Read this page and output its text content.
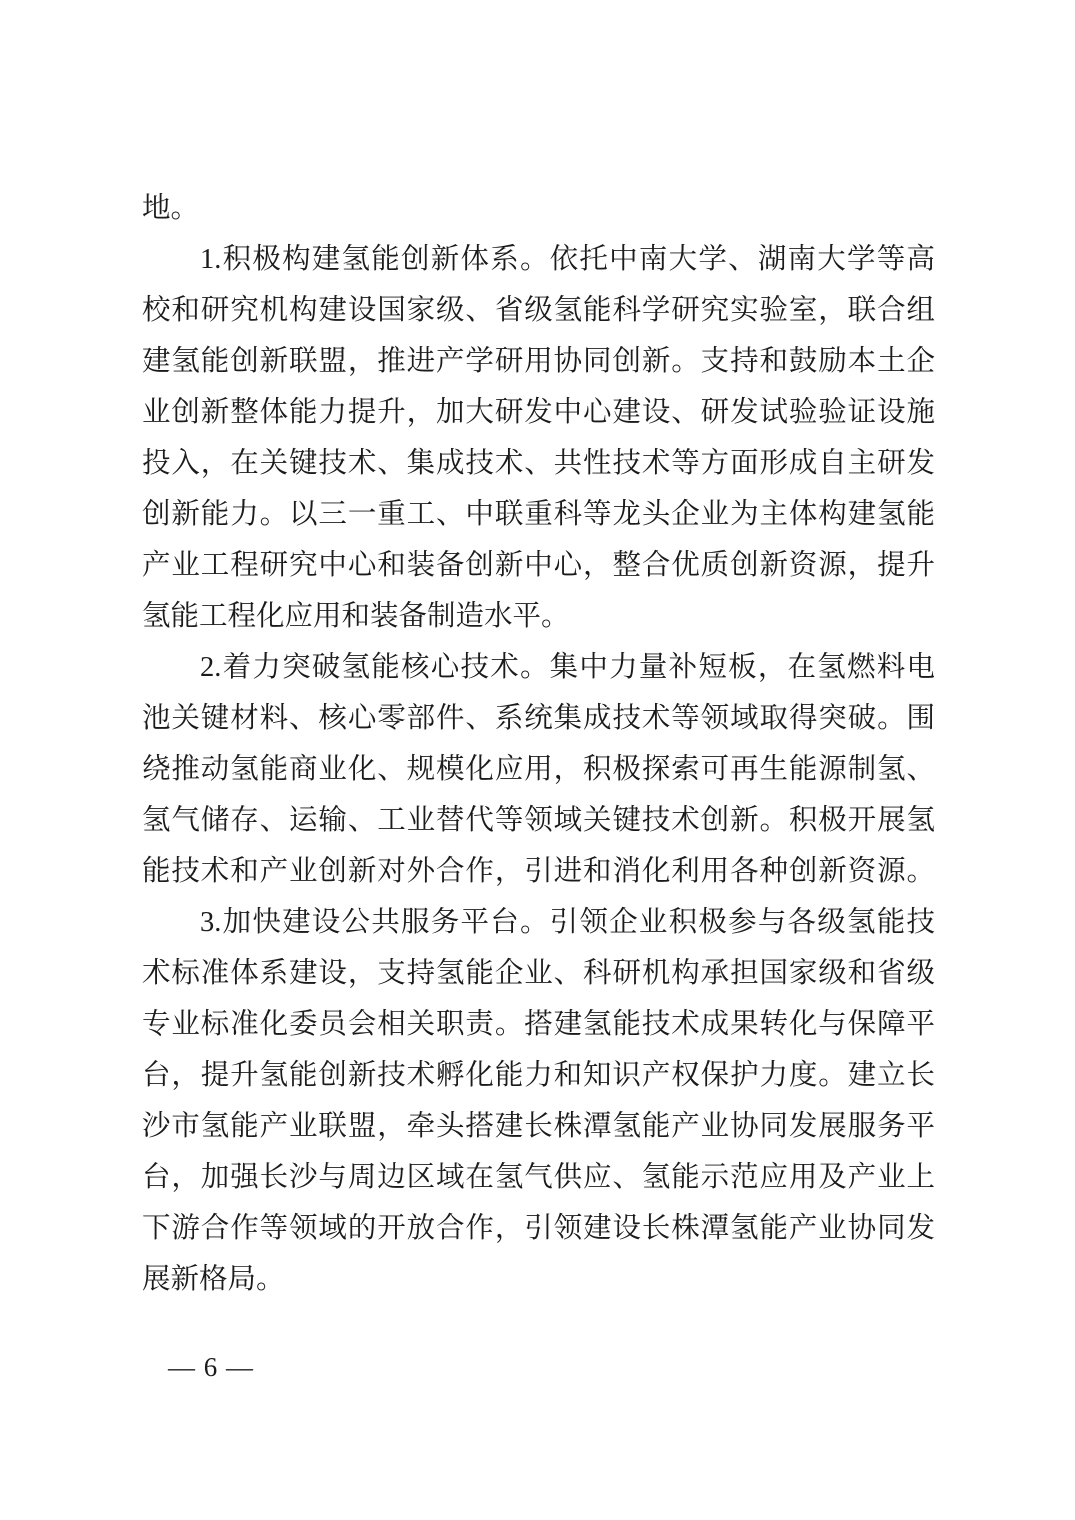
地。
1.积极构建氢能创新体系。依托中南大学、湖南大学等高
校和研究机构建设国家级、省级氢能科学研究实验室，联合组
建氢能创新联盟，推进产学研用协同创新。支持和鼓励本土企
业创新整体能力提升，加大研发中心建设、研发试验验证设施
投入，在关键技术、集成技术、共性技术等方面形成自主研发
创新能力。以三一重工、中联重科等龙头企业为主体构建氢能
产业工程研究中心和装备创新中心，整合优质创新资源，提升
氢能工程化应用和装备制造水平。
2.着力突破氢能核心技术。集中力量补短板，在氢燃料电
池关键材料、核心零部件、系统集成技术等领域取得突破。围
绕推动氢能商业化、规模化应用，积极探索可再生能源制氢、
氢气储存、运输、工业替代等领域关键技术创新。积极开展氢
能技术和产业创新对外合作，引进和消化利用各种创新资源。
3.加快建设公共服务平台。引领企业积极参与各级氢能技
术标准体系建设，支持氢能企业、科研机构承担国家级和省级
专业标准化委员会相关职责。搭建氢能技术成果转化与保障平
台，提升氢能创新技术孵化能力和知识产权保护力度。建立长
沙市氢能产业联盟，牵头搭建长株潭氢能产业协同发展服务平
台，加强长沙与周边区域在氢气供应、氢能示范应用及产业上
下游合作等领域的开放合作，引领建设长株潭氢能产业协同发
展新格局。
— 6 —
